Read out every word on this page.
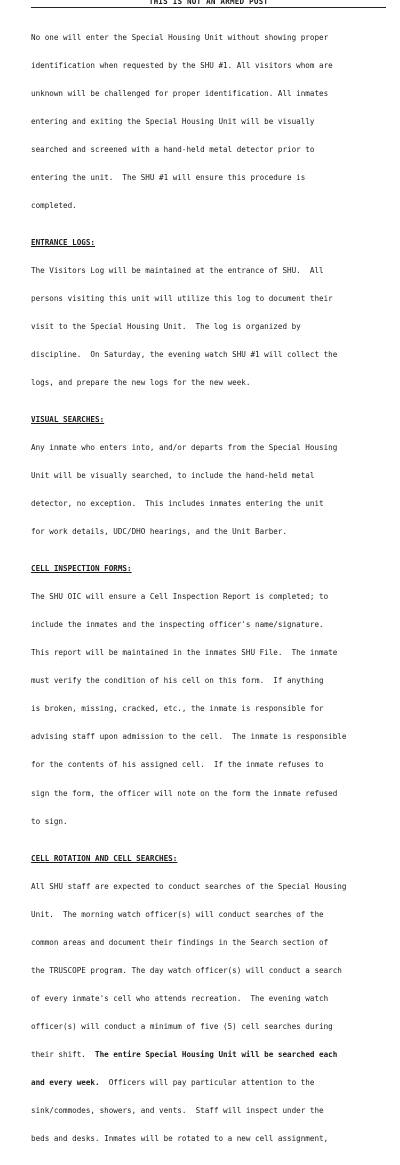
THIS IS NOT AN ARMED POST

No one will enter the Special Housing Unit without showing proper

identification when requested by the SHU #1. All visitors whom are

unknown will be challenged for proper identification. All inmates

entering and exiting the Special Housing Unit will be visually

searched and screened with a hand-held metal detector prior to

entering the unit.  The SHU #1 will ensure this procedure is

completed.

ENTRANCE LOGS:

The Visitors Log will be maintained at the entrance of SHU.  All

persons visiting this unit will utilize this log to document their

visit to the Special Housing Unit.  The log is organized by

discipline.  On Saturday, the evening watch SHU #1 will collect the

logs, and prepare the new logs for the new week.

VISUAL SEARCHES:

Any inmate who enters into, and/or departs from the Special Housing

Unit will be visually searched, to include the hand-held metal

detector, no exception.  This includes inmates entering the unit

for work details, UDC/DHO hearings, and the Unit Barber.

CELL INSPECTION FORMS:

The SHU OIC will ensure a Cell Inspection Report is completed; to

include the inmates and the inspecting officer's name/signature.

This report will be maintained in the inmates SHU File.  The inmate

must verify the condition of his cell on this form.  If anything

is broken, missing, cracked, etc., the inmate is responsible for

advising staff upon admission to the cell.  The inmate is responsible

for the contents of his assigned cell.  If the inmate refuses to

sign the form, the officer will note on the form the inmate refused

to sign.

CELL ROTATION AND CELL SEARCHES:

All SHU staff are expected to conduct searches of the Special Housing

Unit.  The morning watch officer(s) will conduct searches of the

common areas and document their findings in the Search section of

the TRUSCOPE program. The day watch officer(s) will conduct a search

of every inmate's cell who attends recreation.  The evening watch

officer(s) will conduct a minimum of five (5) cell searches during

their shift.  The entire Special Housing Unit will be searched each

and every week.  Officers will pay particular attention to the

sink/commodes, showers, and vents.  Staff will inspect under the

beds and desks. Inmates will be rotated to a new cell assignment,
